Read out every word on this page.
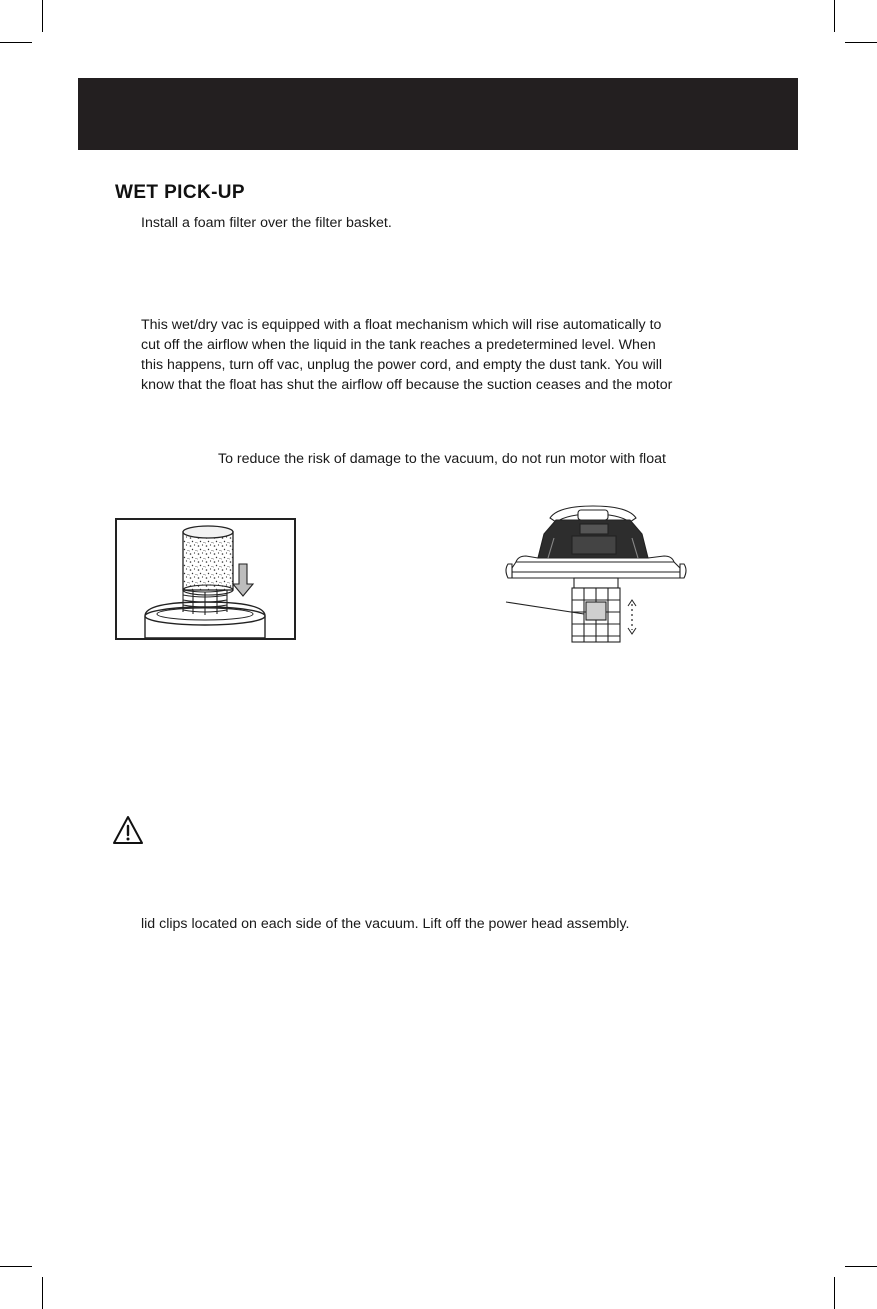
WET PICK-UP
Install a foam filter over the filter basket.
This wet/dry vac is equipped with a float mechanism which will rise automatically to
cut off the airflow when the liquid in the tank reaches a predetermined level. When
this happens, turn off vac, unplug the power cord, and empty the dust tank. You will
know that the float has shut the airflow off because the suction ceases and the motor
To reduce the risk of damage to the vacuum, do not run motor with float
lid clips located on each side of the vacuum. Lift off the power head assembly.
